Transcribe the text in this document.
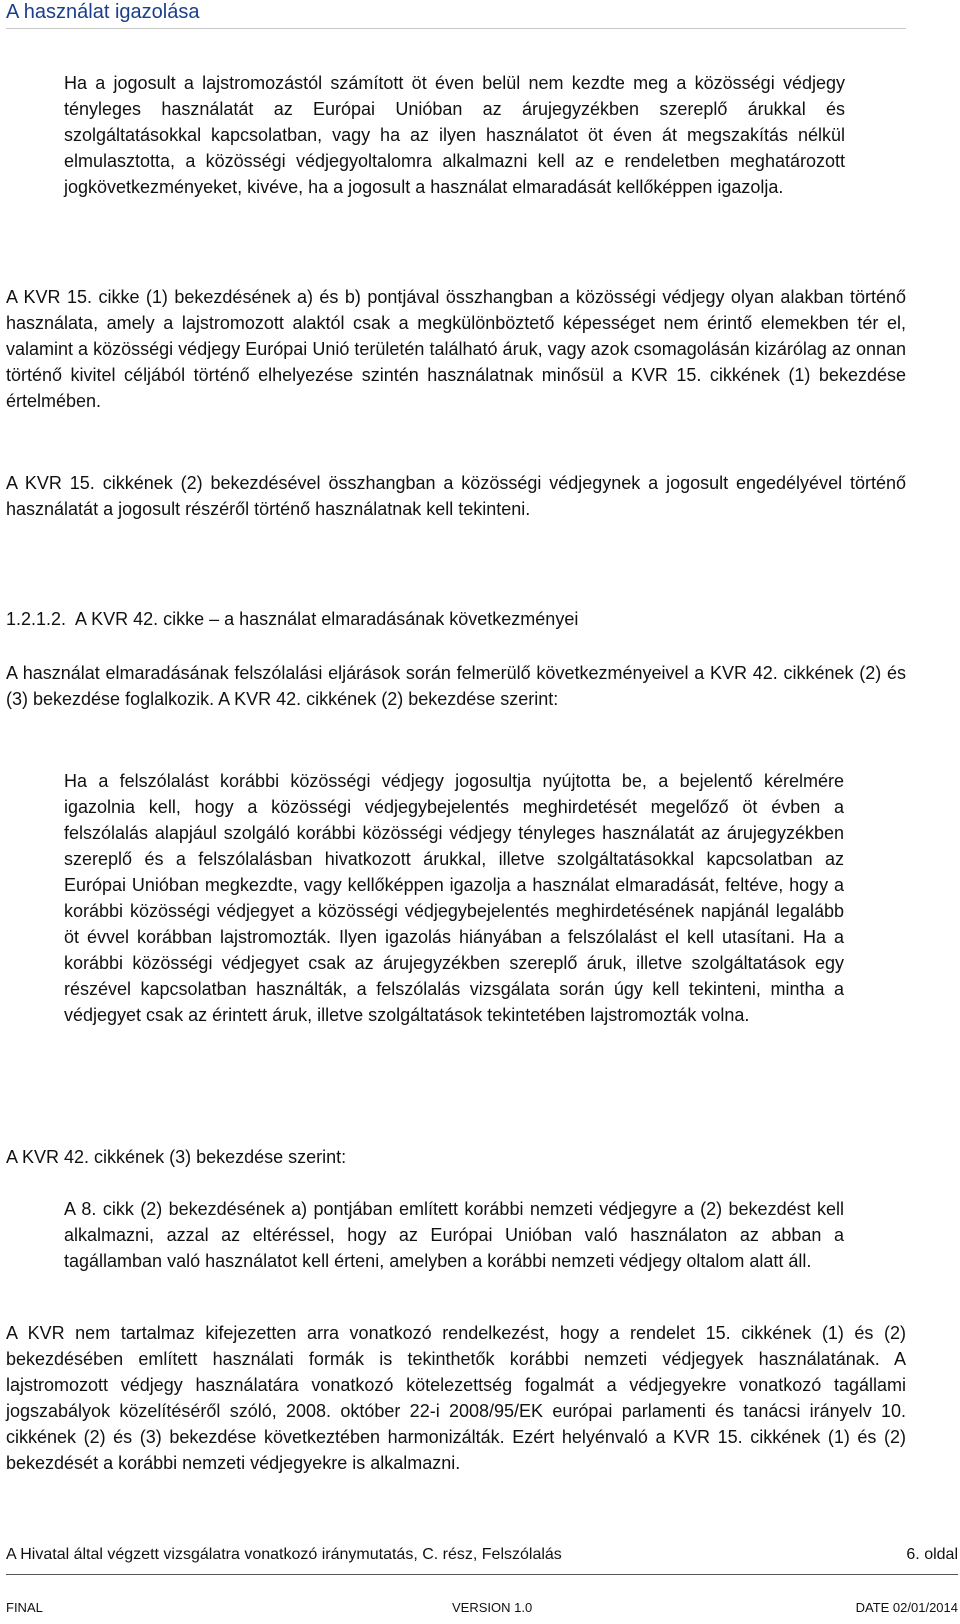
A használat igazolása

Ha a jogosult a lajstromozástól számított öt éven belül nem kezdte meg a közösségi védjegy tényleges használatát az Európai Unióban az árujegyzékben szereplő árukkal és szolgáltatásokkal kapcsolatban, vagy ha az ilyen használatot öt éven át megszakítás nélkül elmulasztotta, a közösségi védjegyoltalomra alkalmazni kell az e rendeletben meghatározott jogkövetkezményeket, kivéve, ha a jogosult a használat elmaradását kellőképpen igazolja.

A KVR 15. cikke (1) bekezdésének a) és b) pontjával összhangban a közösségi védjegy olyan alakban történő használata, amely a lajstromozott alaktól csak a megkülönböztető képességet nem érintő elemekben tér el, valamint a közösségi védjegy Európai Unió területén található áruk, vagy azok csomagolásán kizárólag az onnan történő kivitel céljából történő elhelyezése szintén használatnak minősül a KVR 15. cikkének (1) bekezdése értelmében.

A KVR 15. cikkének (2) bekezdésével összhangban a közösségi védjegynek a jogosult engedélyével történő használatát a jogosult részéről történő használatnak kell tekinteni.

1.2.1.2.  A KVR 42. cikke – a használat elmaradásának következményei

A használat elmaradásának felszólalási eljárások során felmerülő következményeivel a KVR 42. cikkének (2) és (3) bekezdése foglalkozik. A KVR 42. cikkének (2) bekezdése szerint:

Ha a felszólalást korábbi közösségi védjegy jogosultja nyújtotta be, a bejelentő kérelmére igazolnia kell, hogy a közösségi védjegybejelentés meghirdetését megelőző öt évben a felszólalás alapjául szolgáló korábbi közösségi védjegy tényleges használatát az árujegyzékben szereplő és a felszólalásban hivatkozott árukkal, illetve szolgáltatásokkal kapcsolatban az Európai Unióban megkezdte, vagy kellőképpen igazolja a használat elmaradását, feltéve, hogy a korábbi közösségi védjegyet a közösségi védjegybejelentés meghirdetésének napjánál legalább öt évvel korábban lajstromozták. Ilyen igazolás hiányában a felszólalást el kell utasítani. Ha a korábbi közösségi védjegyet csak az árujegyzékben szereplő áruk, illetve szolgáltatások egy részével kapcsolatban használták, a felszólalás vizsgálata során úgy kell tekinteni, mintha a védjegyet csak az érintett áruk, illetve szolgáltatások tekintetében lajstromozták volna.

A KVR 42. cikkének (3) bekezdése szerint:

A 8. cikk (2) bekezdésének a) pontjában említett korábbi nemzeti védjegyre a (2) bekezdést kell alkalmazni, azzal az eltéréssel, hogy az Európai Unióban való használaton az abban a tagállamban való használatot kell érteni, amelyben a korábbi nemzeti védjegy oltalom alatt áll.

A KVR nem tartalmaz kifejezetten arra vonatkozó rendelkezést, hogy a rendelet 15. cikkének (1) és (2) bekezdésében említett használati formák is tekinthetők korábbi nemzeti védjegyek használatának. A lajstromozott védjegy használatára vonatkozó kötelezettség fogalmát a védjegyekre vonatkozó tagállami jogszabályok közelítéséről szóló, 2008. október 22-i 2008/95/EK európai parlamenti és tanácsi irányelv 10. cikkének (2) és (3) bekezdése következtében harmonizálták. Ezért helyénvaló a KVR 15. cikkének (1) és (2) bekezdését a korábbi nemzeti védjegyekre is alkalmazni.

A Hivatal által végzett vizsgálatra vonatkozó iránymutatás, C. rész, Felszólalás	6. oldal
FINAL	VERSION 1.0	DATE 02/01/2014
